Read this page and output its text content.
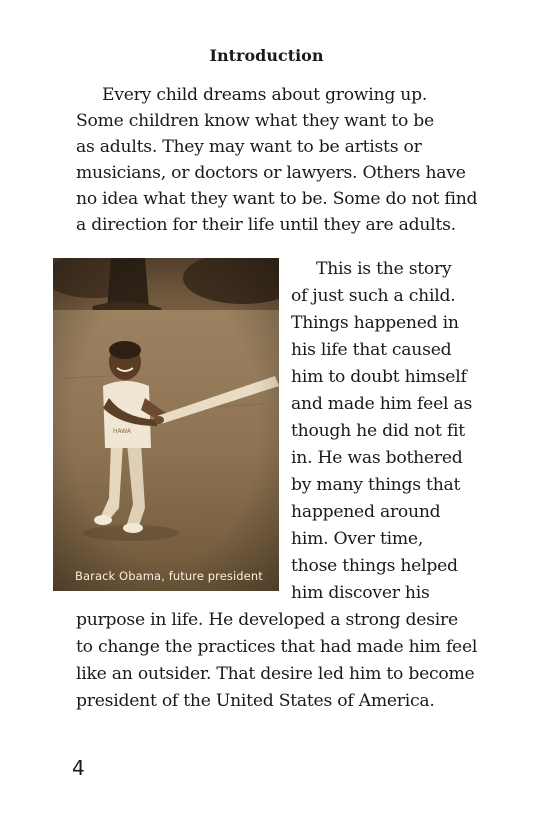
Introduction
Every child dreams about growing up.
Some children know what they want to be
as adults. They may want to be artists or
musicians, or doctors or lawyers. Others have
no idea what they want to be. Some do not find
a direction for their life until they are adults.
This is the story
of just such a child.
Things happened in
his life that caused
him to doubt himself
and made him feel as
though he did not fit
in. He was bothered
by many things that
happened around
him. Over time,
those things helped
him discover his
purpose in life. He developed a strong desire
to change the practices that had made him feel
like an outsider. That desire led him to become
president of the United States of America.
Barack Obama, future president
4
